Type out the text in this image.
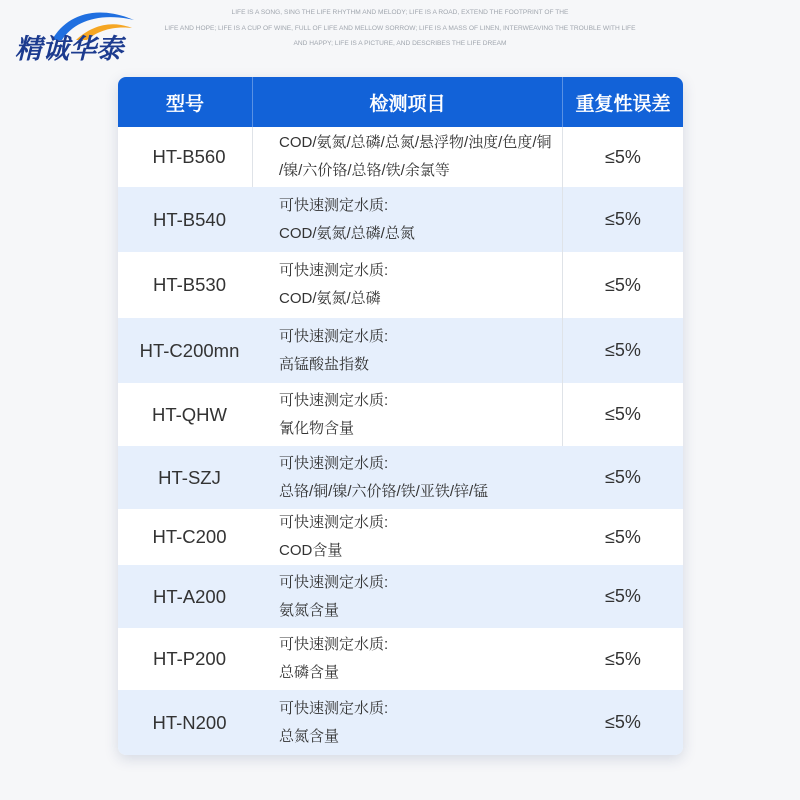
精诚华泰
LIFE IS A SONG, SING THE LIFE RHYTHM AND MELODY; LIFE IS A ROAD, EXTEND THE FOOTPRINT OF THE
LIFE AND HOPE; LIFE IS A CUP OF WINE, FULL OF LIFE AND MELLOW SORROW; LIFE IS A MASS OF LINEN, INTERWEAVING THE TROUBLE WITH LIFE
AND HAPPY; LIFE IS A PICTURE, AND DESCRIBES THE LIFE DREAM
型号	检测项目	重复性误差
HT-B560
COD/氨氮/总磷/总氮/悬浮物/浊度/色度/铜
/镍/六价铬/总铬/铁/余氯等
≤5%
HT-B540
可快速测定水质:
COD/氨氮/总磷/总氮
≤5%
HT-B530
可快速测定水质:
COD/氨氮/总磷
≤5%
HT-C200mn
可快速测定水质:
高锰酸盐指数
≤5%
HT-QHW
可快速测定水质:
氰化物含量
≤5%
HT-SZJ
可快速测定水质:
总铬/铜/镍/六价铬/铁/亚铁/锌/锰
≤5%
HT-C200
可快速测定水质:
COD含量
≤5%
HT-A200
可快速测定水质:
氨氮含量
≤5%
HT-P200
可快速测定水质:
总磷含量
≤5%
HT-N200
可快速测定水质:
总氮含量
≤5%
